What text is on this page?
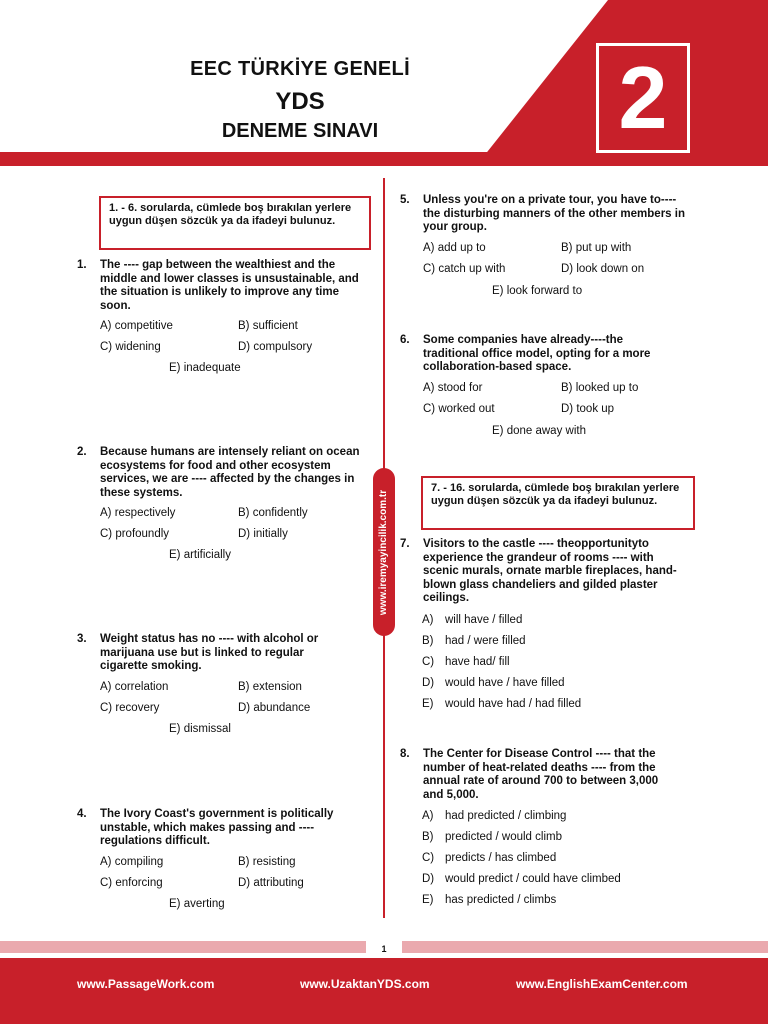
EEC TÜRKİYE GENELİ
YDS
DENEME SINAVI	2
www.iremyayincilik.com.tr
1. - 6. sorularda, cümlede boş bırakılan yerlere uygun düşen sözcük ya da ifadeyi bulunuz.
1. The ---- gap between the wealthiest and the middle and lower classes is unsustainable, and the situation is unlikely to improve any time soon.
A) competitive	B) sufficient
C) widening	D) compulsory
E) inadequate
2. Because humans are intensely reliant on ocean ecosystems for food and other ecosystem services, we are ---- affected by the changes in these systems.
A) respectively	B) confidently
C) profoundly	D) initially
E) artificially
3. Weight status has no ---- with alcohol or marijuana use but is linked to regular cigarette smoking.
A) correlation	B) extension
C) recovery	D) abundance
E) dismissal
4. The Ivory Coast's government is politically unstable, which makes passing and ---- regulations difficult.
A) compiling	B) resisting
C) enforcing	D) attributing
E) averting
5. Unless you're on a private tour, you have to---- the disturbing manners of the other members in your group.
A) add up to	B) put up with
C) catch up with	D) look down on
E) look forward to
6. Some companies have already----the traditional office model, opting for a more collaboration-based space.
A) stood for	B) looked up to
C) worked out	D) took up
E) done away with
7. - 16. sorularda, cümlede boş bırakılan yerlere uygun düşen sözcük ya da ifadeyi bulunuz.
7. Visitors to the castle ---- theopportunityto experience the grandeur of rooms ---- with scenic murals, ornate marble fireplaces, hand-blown glass chandeliers and gilded plaster ceilings.
A) will have / filled
B) had / were filled
C) have had/ fill
D) would have / have filled
E) would have had / had filled
8. The Center for Disease Control ---- that the number of heat-related deaths ---- from the annual rate of around 700 to between 3,000 and 5,000.
A) had predicted / climbing
B) predicted / would climb
C) predicts / has climbed
D) would predict / could have climbed
E) has predicted / climbs
1
www.PassageWork.com	www.UzaktanYDS.com	www.EnglishExamCenter.com
